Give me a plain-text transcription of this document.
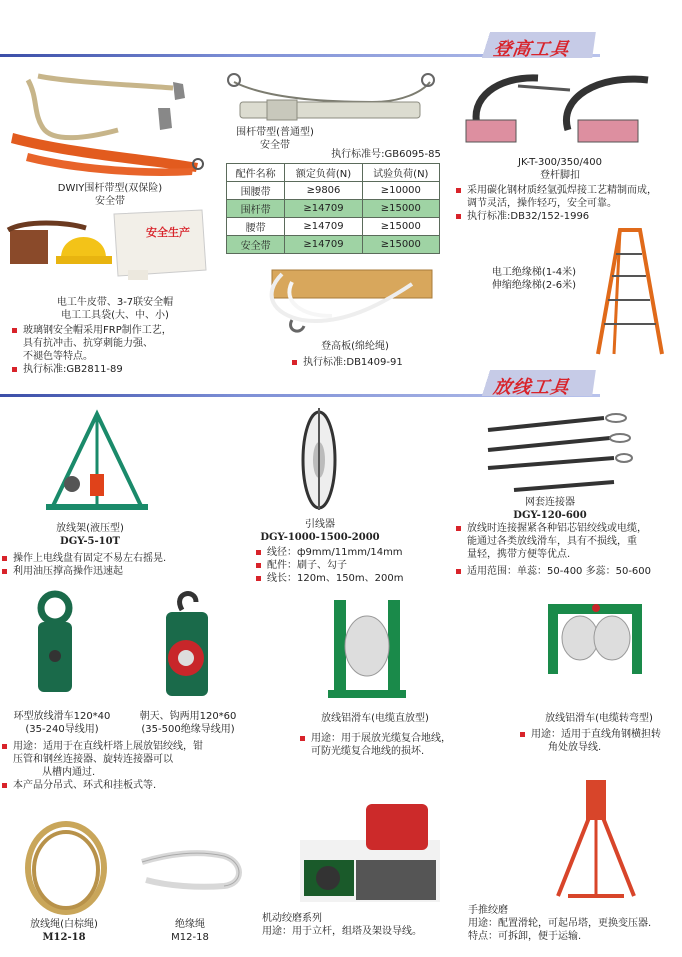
登高工具
DWIY围杆带型(双保险)
安全带
围杆带型(普通型)
安全带
执行标准号:GB6095-85
配件名称	额定负荷(N)	试验负荷(N)
围腰带	≥9806	≥10000
围杆带	≥14709	≥15000
腰带	≥14709	≥15000
安全带	≥14709	≥15000
JK-T-300/350/400
登杆脚扣
采用碳化钢材质经氩弧焊接工艺精制而成，
调节灵活，操作轻巧，安全可靠。
执行标准:DB32/152-1996
电工绝缘梯(1-4米)
伸缩绝缘梯(2-6米)
安全生产
电工牛皮带、3-7联安全帽
电工工具袋(大、中、小)
玻璃钢安全帽采用FRP制作工艺，
具有抗冲击、抗穿刺能力强、
不褪色等特点。
执行标准:GB2811-89
登高板(绵纶绳)
执行标准:DB1409-91
放线工具
放线架(液压型)
DGY-5-10T
操作上电线盘有固定不易左右摇晃.
利用油压撑高操作迅速起
引线器
DGY-1000-1500-2000
线径：ф9mm/11mm/14mm
配件：刷子、勾子
线长：120m、150m、200m
网套连接器
DGY-120-600
放线时连接握紧各种铝芯铝绞线或电缆，
能通过各类放线滑车，具有不损线，重
量轻，携带方便等优点.
适用范围：单蕊：50-400 多蕊：50-600
环型放线滑车120*40
(35-240导线用)
朝天、钩两用120*60
(35-500绝缘导线用)
用途：适用于在直线杆塔上展放铝绞线，钳
压管和钢丝连接器、旋转连接器可以
从槽内通过.
本产品分吊式、环式和挂板式等.
放线铝滑车(电缆直放型)
用途：用于展放光缆复合地线，
可防光缆复合地线的损坏.
放线铝滑车(电缆转弯型)
用途：适用于直线角钢横担转
角处放导线.
放线绳(白棕绳)
M12-18
绝缘绳
M12-18
机动绞磨系列
用途：用于立杆，组塔及架设导线。
手推绞磨
用途：配置滑轮，可起吊塔，更换变压器.
特点：可拆卸，便于运输.
